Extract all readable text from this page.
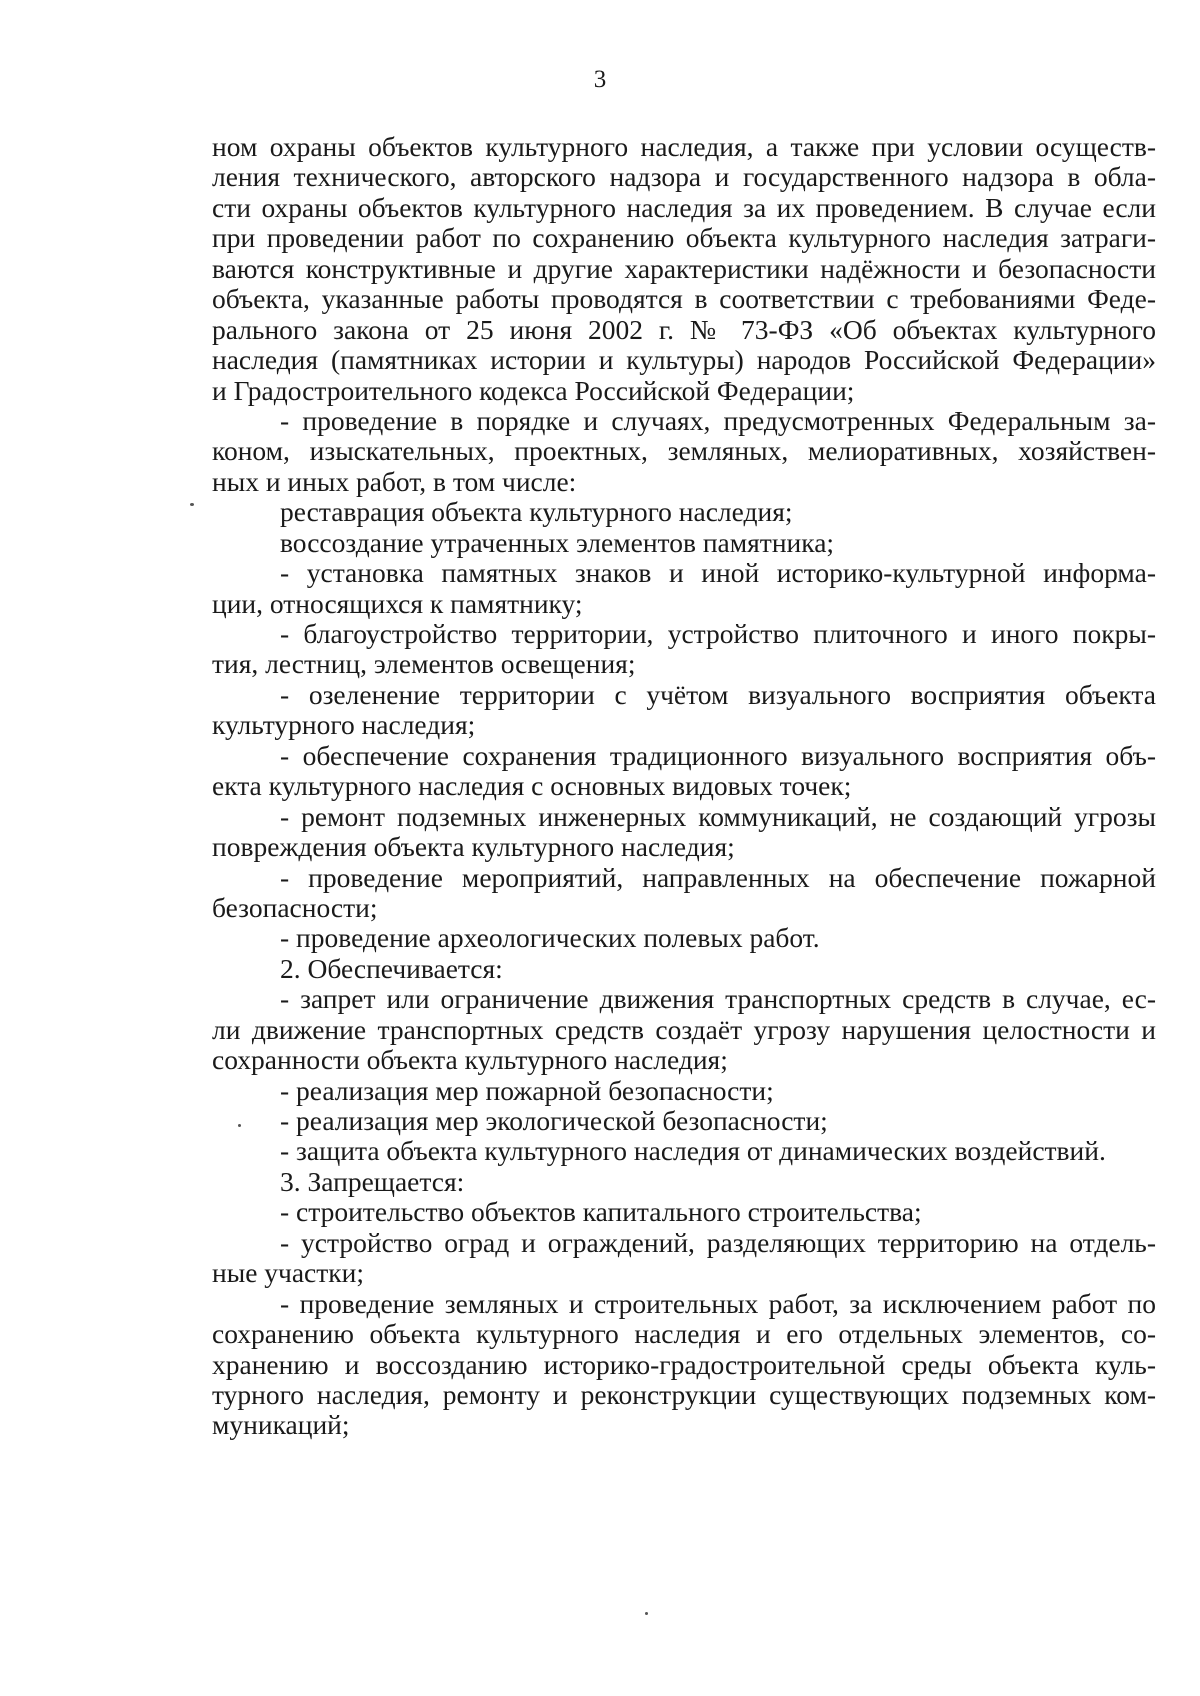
3
ном охраны объектов культурного наследия, а также при условии осуществ-
ления технического, авторского надзора и государственного надзора в обла-
сти охраны объектов культурного наследия за их проведением. В случае если
при проведении работ по сохранению объекта культурного наследия затраги-
ваются конструктивные и другие характеристики надёжности и безопасности
объекта, указанные работы проводятся в соответствии с требованиями Феде-
рального закона от 25 июня 2002 г. № 73-ФЗ «Об объектах культурного
наследия (памятниках истории и культуры) народов Российской Федерации»
и Градостроительного кодекса Российской Федерации;
- проведение в порядке и случаях, предусмотренных Федеральным за-
коном, изыскательных, проектных, земляных, мелиоративных, хозяйствен-
ных и иных работ, в том числе:
реставрация объекта культурного наследия;
воссоздание утраченных элементов памятника;
- установка памятных знаков и иной историко-культурной информа-
ции, относящихся к памятнику;
- благоустройство территории, устройство плиточного и иного покры-
тия, лестниц, элементов освещения;
- озеленение территории с учётом визуального восприятия объекта
культурного наследия;
- обеспечение сохранения традиционного визуального восприятия объ-
екта культурного наследия с основных видовых точек;
- ремонт подземных инженерных коммуникаций, не создающий угрозы
повреждения объекта культурного наследия;
- проведение мероприятий, направленных на обеспечение пожарной
безопасности;
- проведение археологических полевых работ.
2. Обеспечивается:
- запрет или ограничение движения транспортных средств в случае, ес-
ли движение транспортных средств создаёт угрозу нарушения целостности и
сохранности объекта культурного наследия;
- реализация мер пожарной безопасности;
- реализация мер экологической безопасности;
- защита объекта культурного наследия от динамических воздействий.
3. Запрещается:
- строительство объектов капитального строительства;
- устройство оград и ограждений, разделяющих территорию на отдель-
ные участки;
- проведение земляных и строительных работ, за исключением работ по
сохранению объекта культурного наследия и его отдельных элементов, со-
хранению и воссозданию историко-градостроительной среды объекта куль-
турного наследия, ремонту и реконструкции существующих подземных ком-
муникаций;
